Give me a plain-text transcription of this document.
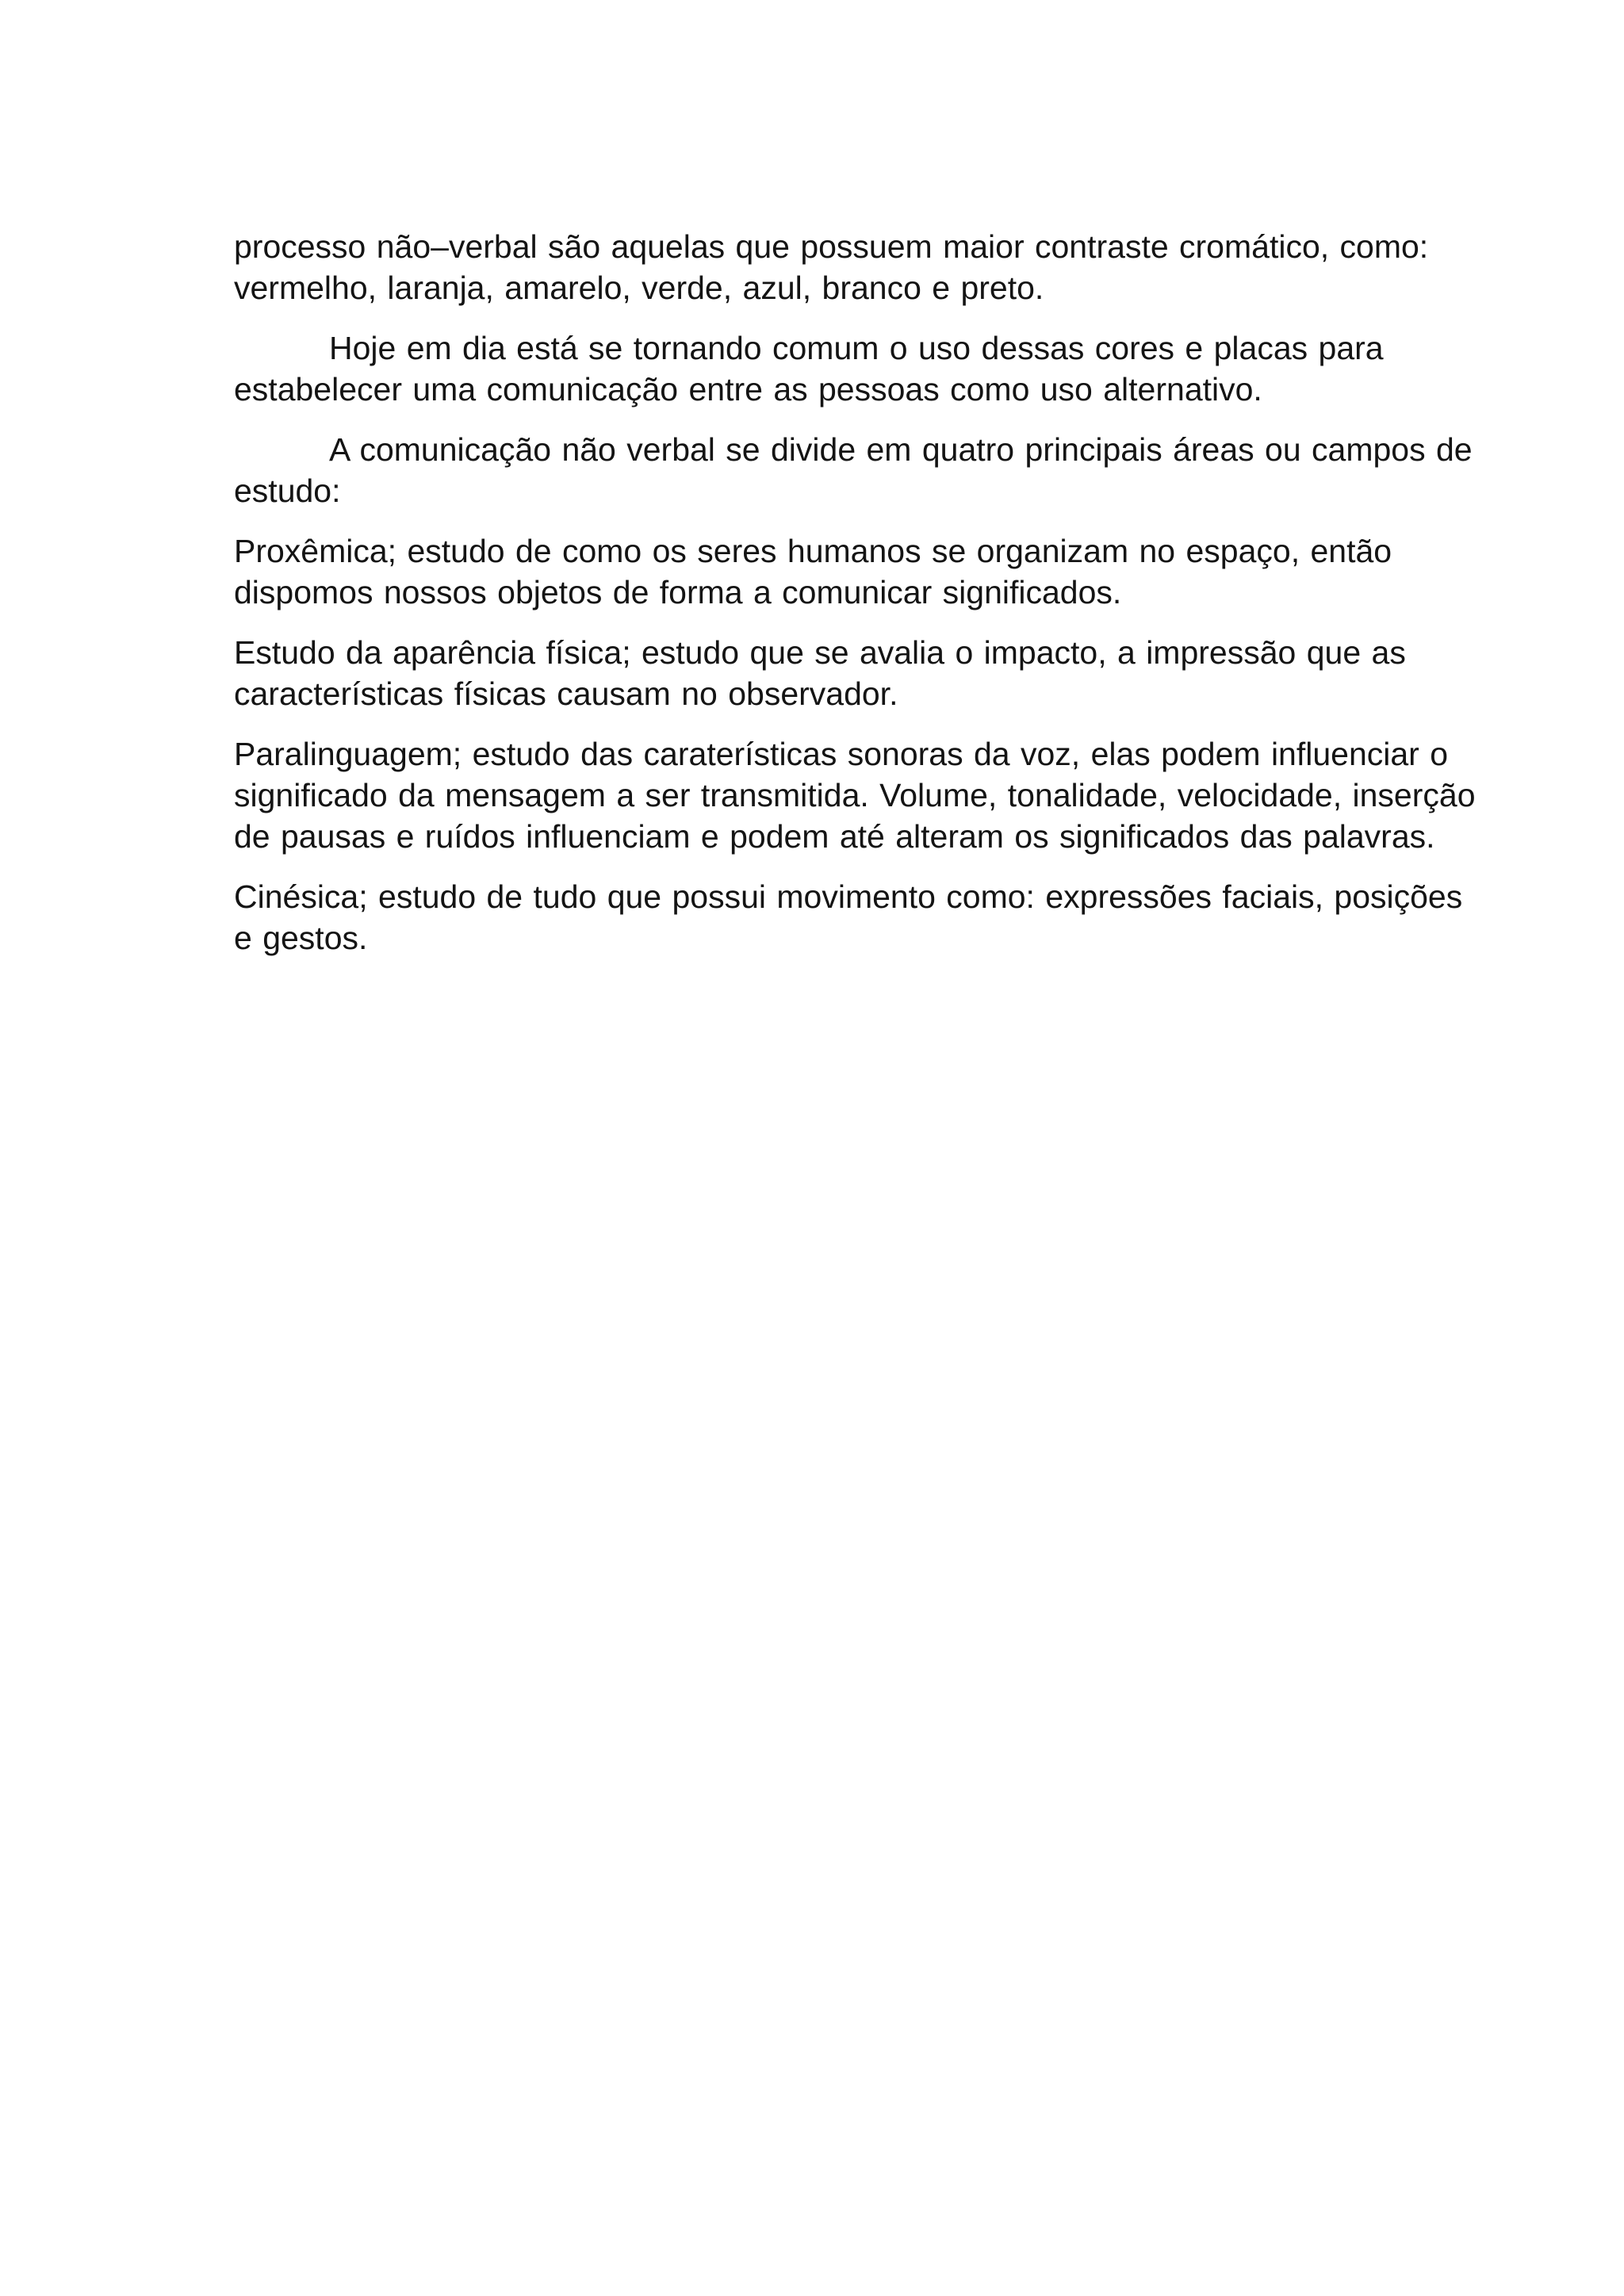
processo não–verbal são aquelas que possuem maior contraste cromático, como: vermelho, laranja, amarelo, verde, azul, branco e preto.

Hoje em dia está se tornando comum o uso dessas cores e placas para estabelecer uma comunicação entre as pessoas como uso alternativo.

A comunicação não verbal se divide em quatro principais áreas ou campos de estudo:

Proxêmica; estudo de como os seres humanos se organizam no espaço, então dispomos nossos objetos de forma a comunicar significados.

Estudo da aparência física; estudo que se avalia o impacto, a impressão que as características físicas causam no observador.

Paralinguagem; estudo das caraterísticas sonoras da voz, elas podem influenciar o significado da mensagem a ser transmitida. Volume, tonalidade, velocidade, inserção de pausas e ruídos influenciam e podem até alteram os significados das palavras.

Cinésica; estudo de tudo que possui movimento como: expressões faciais, posições e gestos.
